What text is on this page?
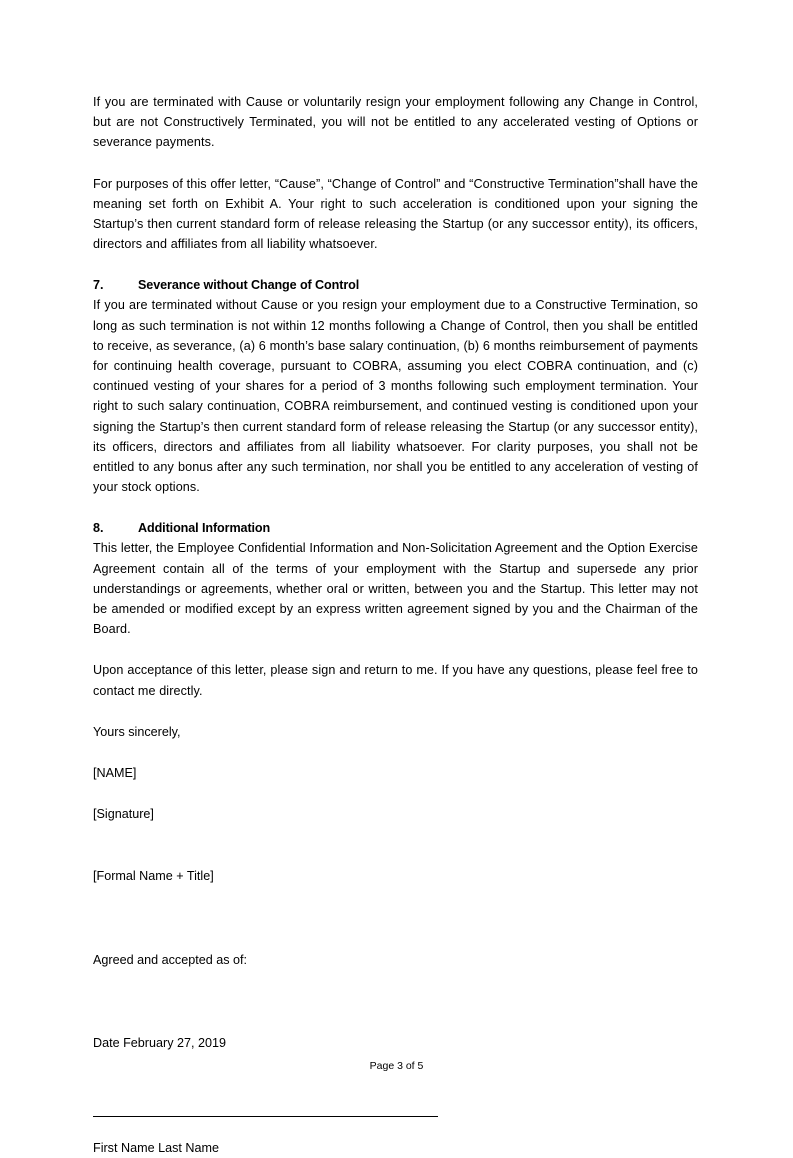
If you are terminated with Cause or voluntarily resign your employment following any Change in Control, but are not Constructively Terminated, you will not be entitled to any accelerated vesting of Options or severance payments.

For purposes of this offer letter, “Cause”, “Change of Control” and “Constructive Termination”shall have the meaning set forth on Exhibit A. Your right to such acceleration is conditioned upon your signing the Startup’s then current standard form of release releasing the Startup (or any successor entity), its officers, directors and affiliates from all liability whatsoever.

7.	Severance without Change of Control

If you are terminated without Cause or you resign your employment due to a Constructive Termination, so long as such termination is not within 12 months following a Change of Control, then you shall be entitled to receive, as severance, (a) 6 month’s base salary continuation, (b) 6 months reimbursement of payments for continuing health coverage, pursuant to COBRA, assuming you elect COBRA continuation, and (c) continued vesting of your shares for a period of 3 months following such employment termination. Your right to such salary continuation, COBRA reimbursement, and continued vesting is conditioned upon your signing the Startup’s then current standard form of release releasing the Startup (or any successor entity), its officers, directors and affiliates from all liability whatsoever. For clarity purposes, you shall not be entitled to any bonus after any such termination, nor shall you be entitled to any acceleration of vesting of your stock options.

8.	Additional Information

This letter, the Employee Confidential Information and Non-Solicitation Agreement and the Option Exercise Agreement contain all of the terms of your employment with the Startup and supersede any prior understandings or agreements, whether oral or written, between you and the Startup. This letter may not be amended or modified except by an express written agreement signed by you and the Chairman of the Board.

Upon acceptance of this letter, please sign and return to me. If you have any questions, please feel free to contact me directly.

Yours sincerely,

[NAME]

[Signature]

[Formal Name + Title]

Agreed and accepted as of:

Date February 27, 2019

First Name Last Name

Page 3 of 5
